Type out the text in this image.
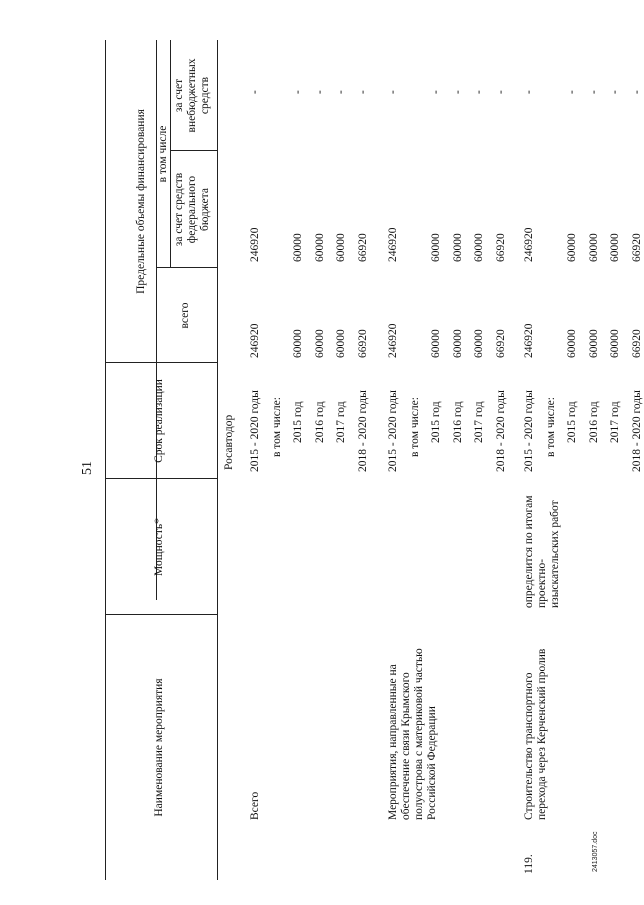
51
Наименование мероприятия
Мощность*
Срок реализации
Предельные объемы финансирования
всего
в том числе
за счет средств федерального бюджета
за счет внебюджетных средств
Росавтодор
Всего
2015 - 2020 годы
246920
246920
-
в том числе: 2015 год
60000
60000
-
2016 год
60000
60000
-
2017 год
60000
60000
-
2018 - 2020 годы
66920
66920
-
Мероприятия, направленные на обеспечение связи Крымского полуострова с материковой частью Российской Федерации
2015 - 2020 годы
246920
246920
-
в том числе: 2015 год
60000
60000
-
2016 год
60000
60000
-
2017 год
60000
60000
-
2018 - 2020 годы
66920
66920
-
119.
Строительство транспортного перехода через Керченский пролив
определится по итогам проектно- изыскательских работ
2015 - 2020 годы
246920
246920
-
в том числе: 2015 год
60000
60000
-
2016 год
60000
60000
-
2017 год
60000
60000
-
2018 - 2020 годы
66920
66920
-
2413057.doc
